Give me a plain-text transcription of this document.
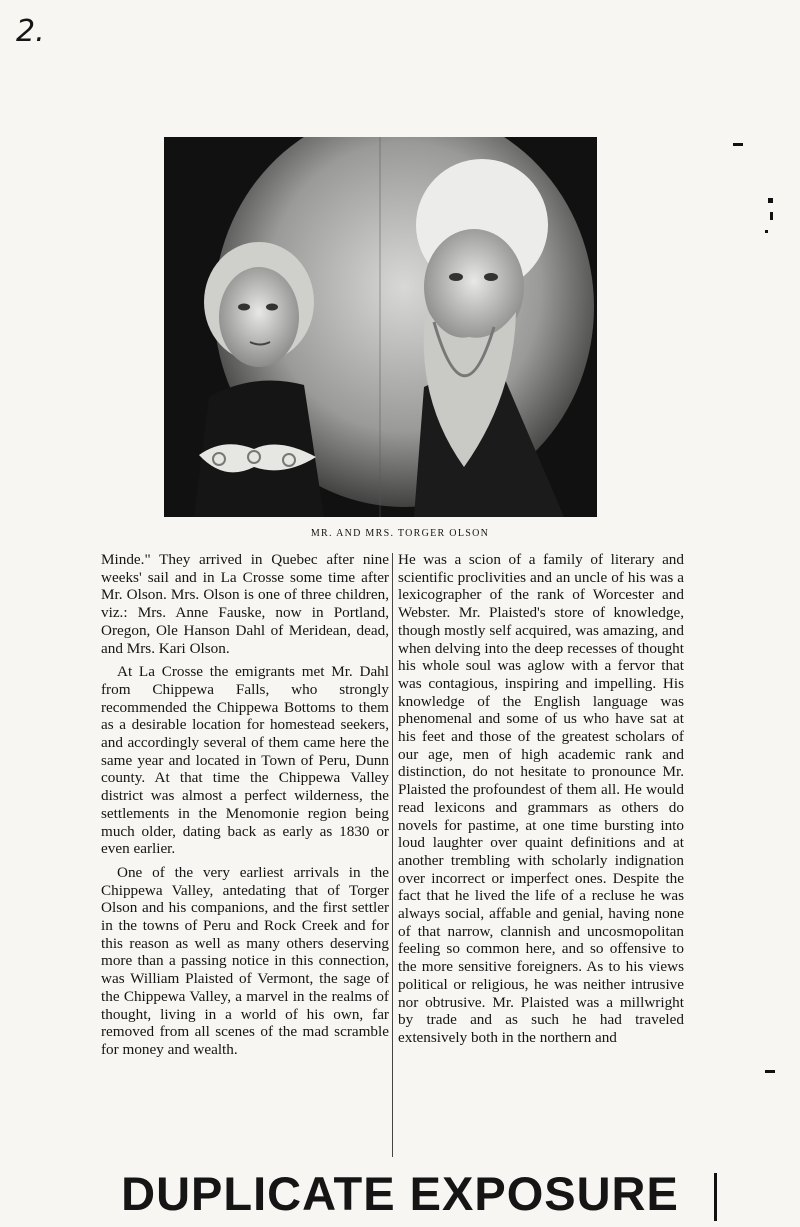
2.
MR. AND MRS. TORGER OLSON

Minde." They arrived in Quebec after nine weeks' sail and in La Crosse some time after Mr. Olson. Mrs. Olson is one of three children, viz.: Mrs. Anne Fauske, now in Portland, Oregon, Ole Hanson Dahl of Meridean, dead, and Mrs. Kari Olson.

At La Crosse the emigrants met Mr. Dahl from Chippewa Falls, who strongly recommended the Chippewa Bottoms to them as a desirable location for homestead seekers, and accordingly several of them came here the same year and located in Town of Peru, Dunn county. At that time the Chippewa Valley district was almost a perfect wilderness, the settlements in the Menomonie region being much older, dating back as early as 1830 or even earlier.

One of the very earliest arrivals in the Chippewa Valley, antedating that of Torger Olson and his companions, and the first settler in the towns of Peru and Rock Creek and for this reason as well as many others deserving more than a passing notice in this connection, was William Plaisted of Vermont, the sage of the Chippewa Valley, a marvel in the realms of thought, living in a world of his own, far removed from all scenes of the mad scramble for money and wealth.

He was a scion of a family of literary and scientific proclivities and an uncle of his was a lexicographer of the rank of Worcester and Webster. Mr. Plaisted's store of knowledge, though mostly self acquired, was amazing, and when delving into the deep recesses of thought his whole soul was aglow with a fervor that was contagious, inspiring and impelling. His knowledge of the English language was phenomenal and some of us who have sat at his feet and those of the greatest scholars of our age, men of high academic rank and distinction, do not hesitate to pronounce Mr. Plaisted the profoundest of them all. He would read lexicons and grammars as others do novels for pastime, at one time bursting into loud laughter over quaint definitions and at another trembling with scholarly indignation over incorrect or imperfect ones. Despite the fact that he lived the life of a recluse he was always social, affable and genial, having none of that narrow, clannish and uncosmopolitan feeling so common here, and so offensive to the more sensitive foreigners. As to his views political or religious, he was neither intrusive nor obtrusive. Mr. Plaisted was a millwright by trade and as such he had traveled extensively both in the northern and

DUPLICATE EXPOSURE
